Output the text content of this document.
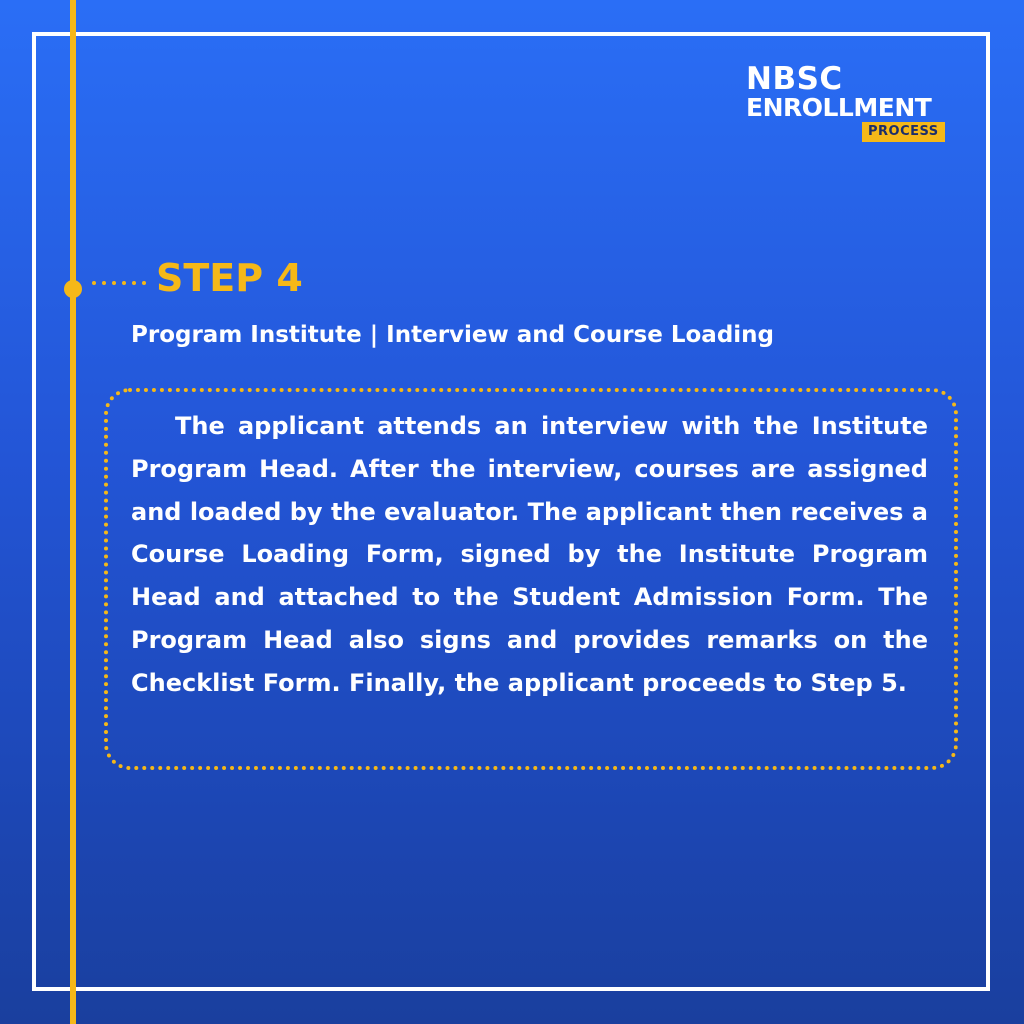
NBSC
ENROLLMENT
PROCESS
STEP 4
Program Institute | Interview and Course Loading

The applicant attends an interview with the Institute Program Head. After the interview, courses are assigned and loaded by the evaluator. The applicant then receives a Course Loading Form, signed by the Institute Program Head and attached to the Student Admission Form. The Program Head also signs and provides remarks on the Checklist Form. Finally, the applicant proceeds to Step 5.
